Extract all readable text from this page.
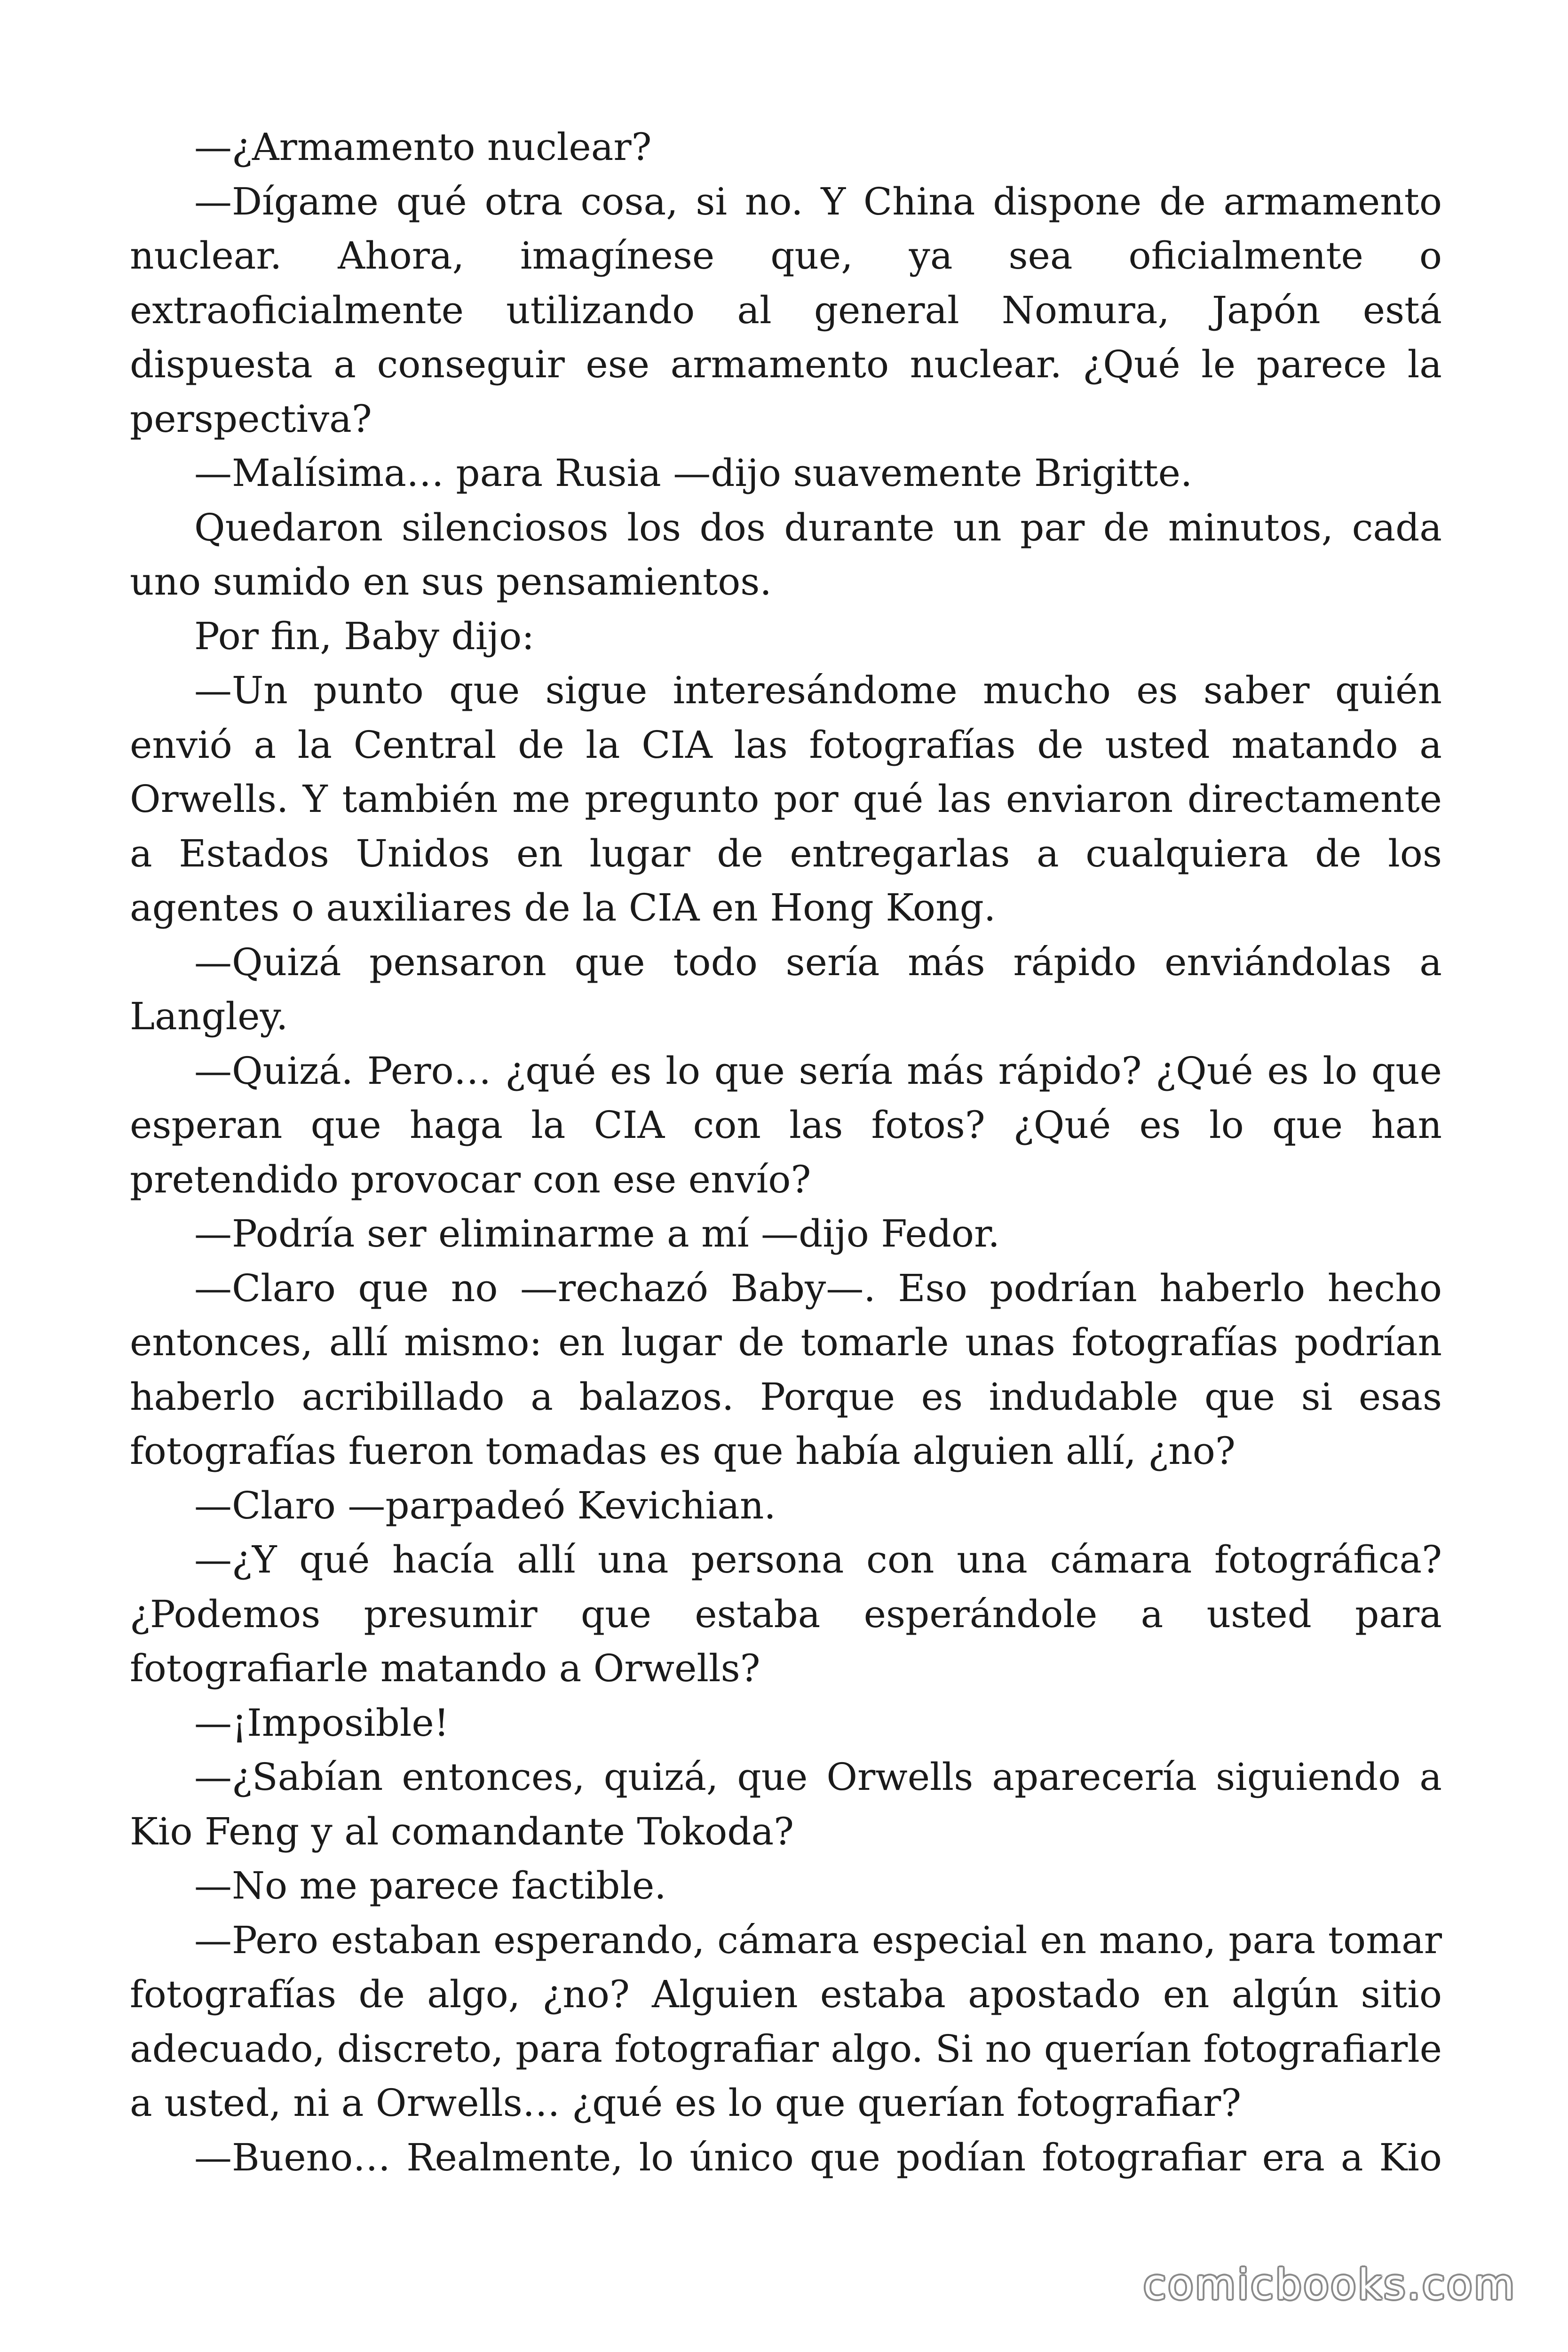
—¿Armamento nuclear?

—Dígame qué otra cosa, si no. Y China dispone de armamento nuclear. Ahora, imagínese que, ya sea oficialmente o extraoficialmente utilizando al general Nomura, Japón está dispuesta a conseguir ese armamento nuclear. ¿Qué le parece la perspectiva?

—Malísima… para Rusia —dijo suavemente Brigitte.

Quedaron silenciosos los dos durante un par de minutos, cada uno sumido en sus pensamientos.

Por fin, Baby dijo:

—Un punto que sigue interesándome mucho es saber quién envió a la Central de la CIA las fotografías de usted matando a Orwells. Y también me pregunto por qué las enviaron directamente a Estados Unidos en lugar de entregarlas a cualquiera de los agentes o auxiliares de la CIA en Hong Kong.

—Quizá pensaron que todo sería más rápido enviándolas a Langley.

—Quizá. Pero… ¿qué es lo que sería más rápido? ¿Qué es lo que esperan que haga la CIA con las fotos? ¿Qué es lo que han pretendido provocar con ese envío?

—Podría ser eliminarme a mí —dijo Fedor.

—Claro que no —rechazó Baby—. Eso podrían haberlo hecho entonces, allí mismo: en lugar de tomarle unas fotografías podrían haberlo acribillado a balazos. Porque es indudable que si esas fotografías fueron tomadas es que había alguien allí, ¿no?

—Claro —parpadeó Kevichian.

—¿Y qué hacía allí una persona con una cámara fotográfica? ¿Podemos presumir que estaba esperándole a usted para fotografiarle matando a Orwells?

—¡Imposible!

—¿Sabían entonces, quizá, que Orwells aparecería siguiendo a Kio Feng y al comandante Tokoda?

—No me parece factible.

—Pero estaban esperando, cámara especial en mano, para tomar fotografías de algo, ¿no? Alguien estaba apostado en algún sitio adecuado, discreto, para fotografiar algo. Si no querían fotografiarle a usted, ni a Orwells… ¿qué es lo que querían fotografiar?

—Bueno… Realmente, lo único que podían fotografiar era a Kio

comicbooks.com
